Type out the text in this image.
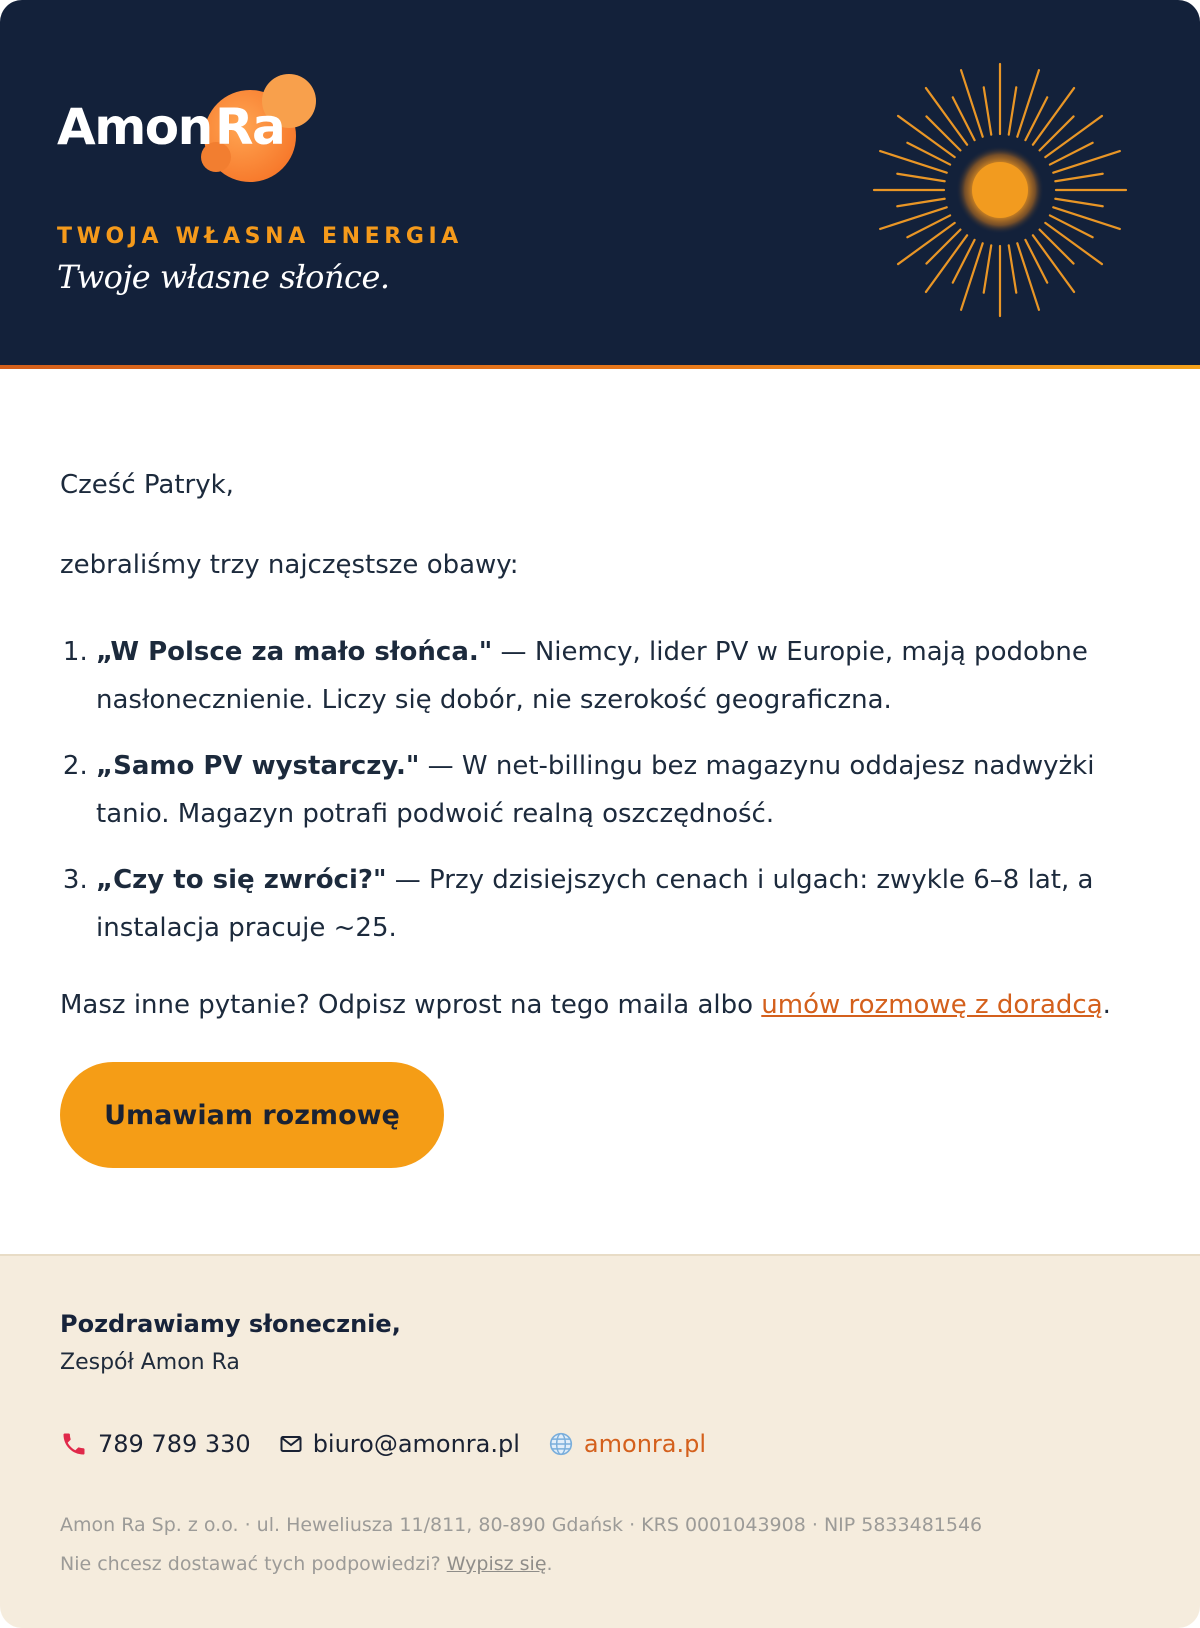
Amon Ra
TWOJA WŁASNA ENERGIA
Twoje własne słońce.
Cześć Patryk,
zebraliśmy trzy najczęstsze obawy:
1. „W Polsce za mało słońca." — Niemcy, lider PV w Europie, mają podobne nasłonecznienie. Liczy się dobór, nie szerokość geograficzna.
2. „Samo PV wystarczy." — W net-billingu bez magazynu oddajesz nadwyżki tanio. Magazyn potrafi podwoić realną oszczędność.
3. „Czy to się zwróci?" — Przy dzisiejszych cenach i ulgach: zwykle 6–8 lat, a instalacja pracuje ~25.
Masz inne pytanie? Odpisz wprost na tego maila albo umów rozmowę z doradcą.
Umawiam rozmowę
Pozdrawiamy słonecznie,
Zespół Amon Ra
789 789 330	biuro@amonra.pl	amonra.pl
Amon Ra Sp. z o.o. · ul. Heweliusza 11/811, 80-890 Gdańsk · KRS 0001043908 · NIP 5833481546
Nie chcesz dostawać tych podpowiedzi? Wypisz się.
